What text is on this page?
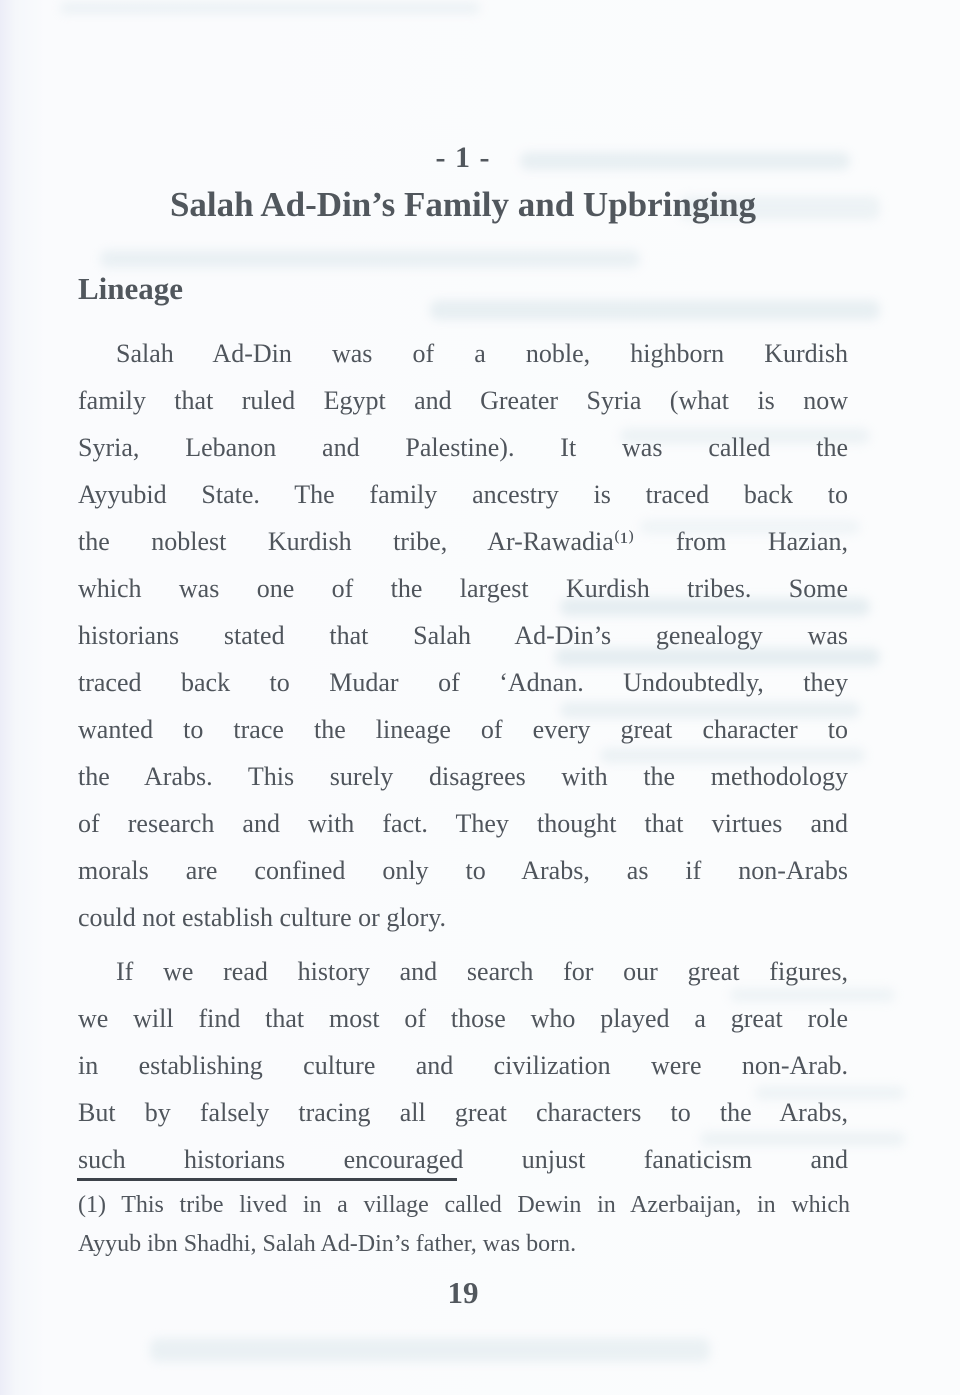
- 1 -
Salah Ad-Din’s Family and Upbringing
Lineage
Salah Ad-Din was of a noble, highborn Kurdish
family that ruled Egypt and Greater Syria (what is now
Syria, Lebanon and Palestine). It was called the
Ayyubid State. The family ancestry is traced back to
the noblest Kurdish tribe, Ar-Rawadia⁽¹⁾ from Hazian,
which was one of the largest Kurdish tribes. Some
historians stated that Salah Ad-Din’s genealogy was
traced back to Mudar of ‘Adnan. Undoubtedly, they
wanted to trace the lineage of every great character to
the Arabs. This surely disagrees with the methodology
of research and with fact. They thought that virtues and
morals are confined only to Arabs, as if non-Arabs
could not establish culture or glory.
If we read history and search for our great figures,
we will find that most of those who played a great role
in establishing culture and civilization were non-Arab.
But by falsely tracing all great characters to the Arabs,
such historians encouraged unjust fanaticism and
(1) This tribe lived in a village called Dewin in Azerbaijan, in which
Ayyub ibn Shadhi, Salah Ad-Din’s father, was born.
19
